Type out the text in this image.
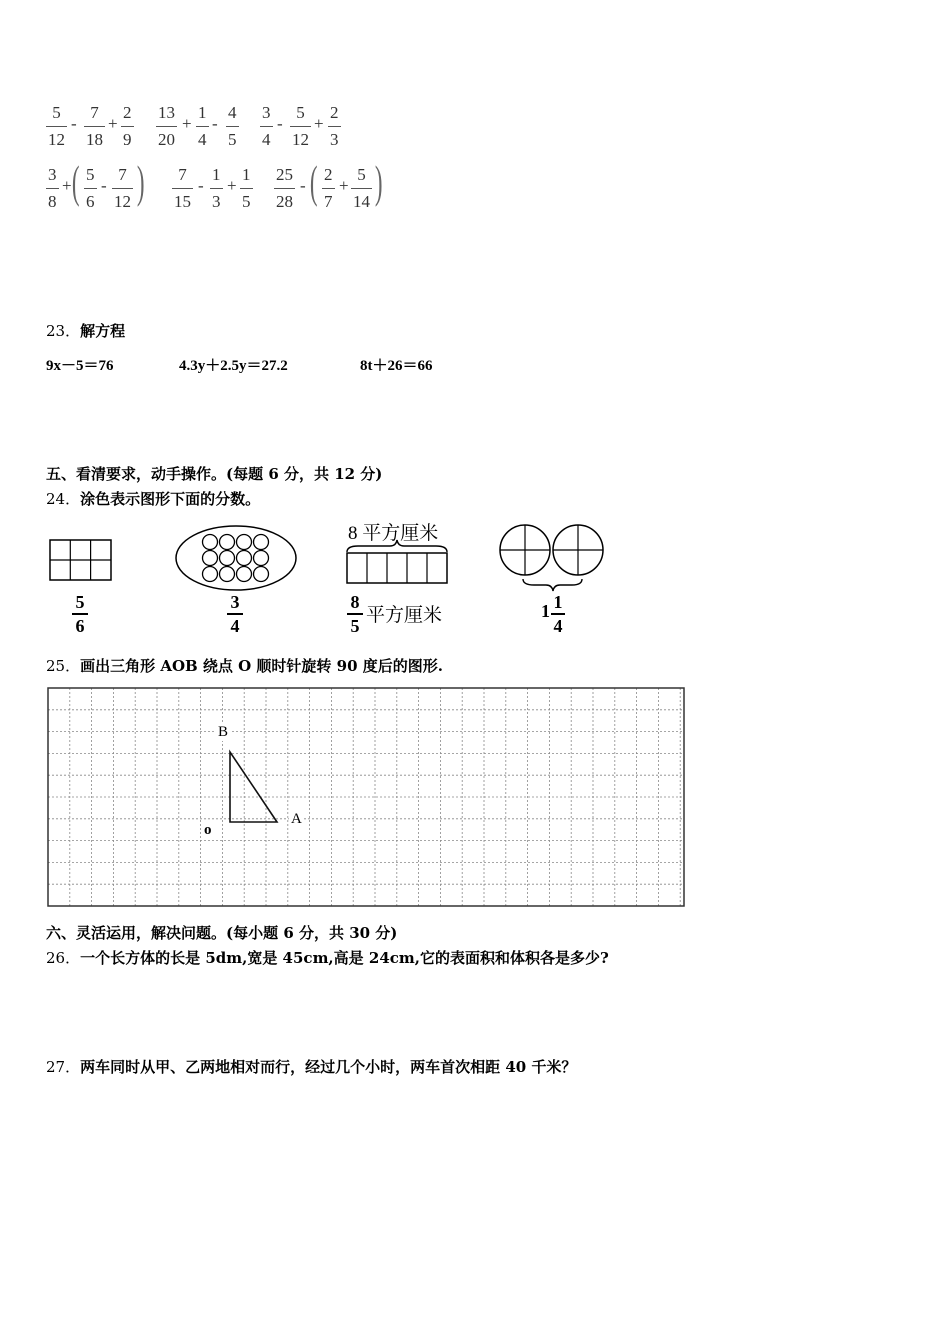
5
12
-
7
18
+
2
9
13
20
+
1
4
-
4
5
3
4
-
5
12
+
2
3
3
8
+ ( 5
6
-
7
12 )	7
15
-
1
3
+
1
5
25
28
- ( 2
7
+
5
14 )
23．解方程
9x－5＝76	4.3y＋2.5y＝27.2	8t＋26＝66
五、看清要求，动手操作。(每题 6 分，共 12 分)
24．涂色表示图形下面的分数。
5
6
3
4
8 平方厘米
8
5 平方厘米	1 1
4
25．画出三角形 AOB 绕点 O 顺时针旋转 90 度后的图形.
B
A
o
六、灵活运用，解决问题。(每小题 6 分，共 30 分)
26．一个长方体的长是 5dm,宽是 45cm,高是 24cm,它的表面积和体积各是多少?
27．两车同时从甲、乙两地相对而行，经过几个小时，两车首次相距 40 千米？
